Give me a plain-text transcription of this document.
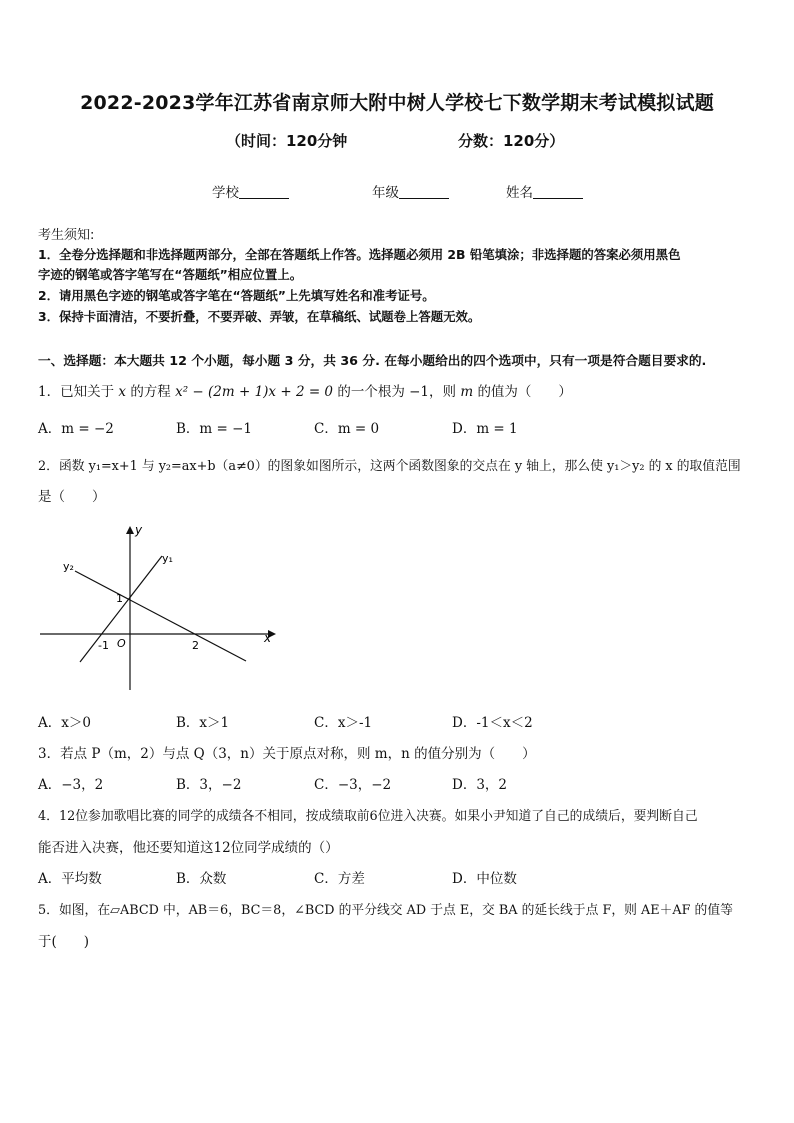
2022-2023学年江苏省南京师大附中树人学校七下数学期末考试模拟试题
（时间：120分钟	分数：120分）
学校	年级	姓名
考生须知:
1．全卷分选择题和非选择题两部分，全部在答题纸上作答。选择题必须用 2B 铅笔填涂；非选择题的答案必须用黑色
字迹的钢笔或答字笔写在“答题纸”相应位置上。
2．请用黑色字迹的钢笔或答字笔在“答题纸”上先填写姓名和准考证号。
3．保持卡面清洁，不要折叠，不要弄破、弄皱，在草稿纸、试题卷上答题无效。
一、选择题：本大题共 12 个小题，每小题 3 分，共 36 分. 在每小题给出的四个选项中，只有一项是符合题目要求的.
1．已知关于 x 的方程 x² − (2m + 1)x + 2 = 0 的一个根为 −1，则 m 的值为（　　）
A．m = −2	B．m = −1	C．m = 0	D．m = 1
2．函数 y₁=x+1 与 y₂=ax+b（a≠0）的图象如图所示，这两个函数图象的交点在 y 轴上，那么使 y₁＞y₂ 的 x 的取值范围
是（　　）
y
x
y₁
y₂
1
-1 O	2
A．x＞0	B．x＞1	C．x＞-1	D．-1＜x＜2
3．若点 P（m，2）与点 Q（3，n）关于原点对称，则 m，n 的值分别为（　　）
A．−3，2	B．3，−2	C．−3，−2	D．3，2
4．12位参加歌唱比赛的同学的成绩各不相同，按成绩取前6位进入决赛。如果小尹知道了自己的成绩后，要判断自己
能否进入决赛，他还要知道这12位同学成绩的（）
A．平均数	B．众数	C．方差	D．中位数
5．如图，在▱ABCD 中，AB＝6，BC＝8，∠BCD 的平分线交 AD 于点 E，交 BA 的延长线于点 F，则 AE＋AF 的值等
于(　　)
